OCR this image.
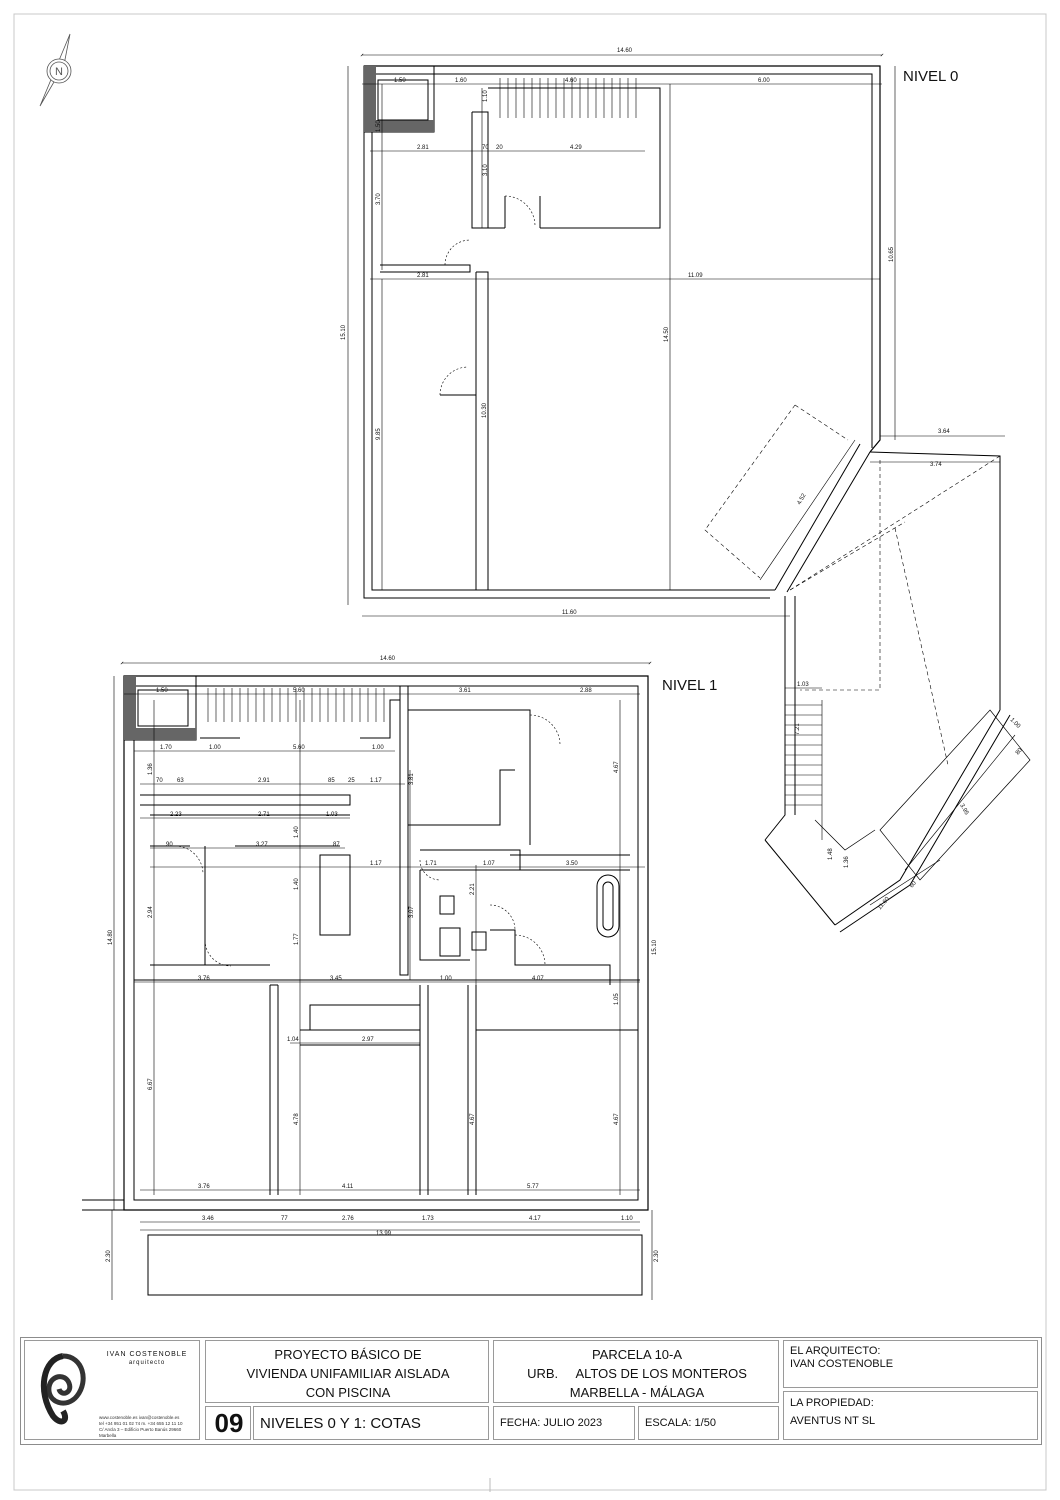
N
14.60
1.50	1.60	4.60	6.00
2.81	70 20	4.29
2.81	11.09
11.60
3.64
3.74
1.03
15.10
3.70
1.50
1.10
3.10
9.85
10.30
14.50
10.65
4.52
7.21	1.00
3.95
80
60
1.48
1.36
11.60
NIVEL 0
14.60
1.50	5.60	3.61	2.88
1.70	1.00	5.60	1.00
70 63	2.91	85 25	1.17
2.23	2.71	1.03
90	3.27	87
1.17	1.71	1.07	3.50
3.76	3.45	1.00	4.07
1.04	2.97
3.76	4.11	5.77
3.46	77	2.76	1.73	4.17	1.10
13.99
14.80
15.10
4.67
2.94
6.67
4.78	4.67	4.67
2.30	2.30
2.21
3.07
1.40
1.40
1.77
3.81
1.36
1.05
NIVEL 1
IVAN COSTENOBLE
arquitecto
www.costenoble.es ivan@costenoble.es
tel +34 951 01 02 74 m. +34 655 12 11 10
C/ Ancla 3 – Edificio Puerto Banús 29660 Marbella
PROYECTO BÁSICO DE
VIVIENDA UNIFAMILIAR AISLADA
CON PISCINA
09	NIVELES 0 Y 1: COTAS
PARCELA 10-A
URB.     ALTOS DE LOS MONTEROS
MARBELLA - MÁLAGA
FECHA: JULIO 2023	ESCALA: 1/50
EL ARQUITECTO:
IVAN COSTENOBLE
LA PROPIEDAD:
AVENTUS NT SL
